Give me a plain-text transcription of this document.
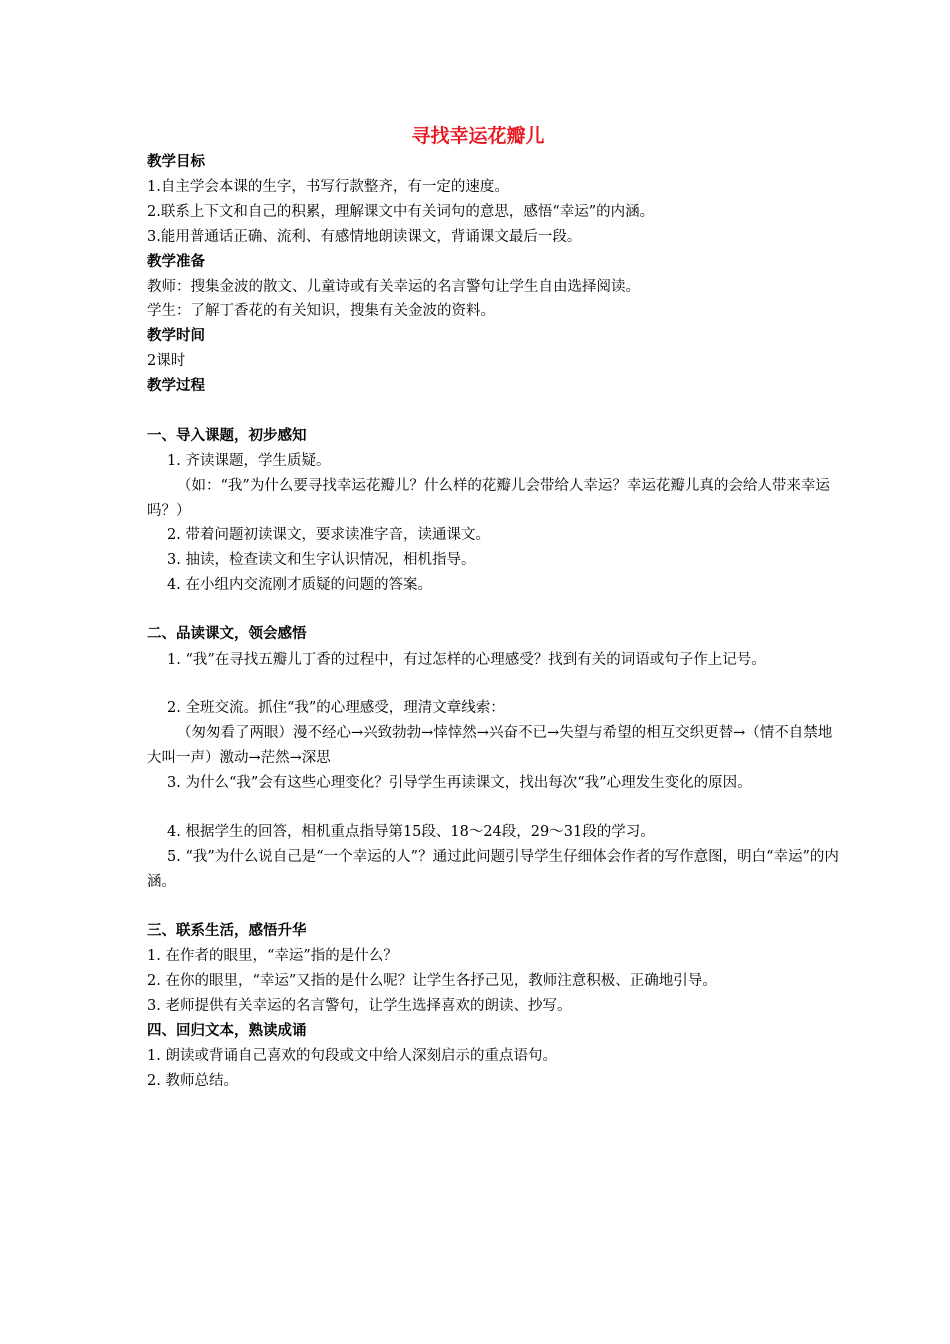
寻找幸运花瓣儿
教学目标
1.自主学会本课的生字，书写行款整齐，有一定的速度。
2.联系上下文和自己的积累，理解课文中有关词句的意思，感悟“幸运”的内涵。
3.能用普通话正确、流利、有感情地朗读课文，背诵课文最后一段。
教学准备
教师：搜集金波的散文、儿童诗或有关幸运的名言警句让学生自由选择阅读。
学生：了解丁香花的有关知识，搜集有关金波的资料。
教学时间
2课时
教学过程
一、导入课题，初步感知
1. 齐读课题，学生质疑。
（如：“我”为什么要寻找幸运花瓣儿？什么样的花瓣儿会带给人幸运？幸运花瓣儿真的会给人带来幸运吗？）
2. 带着问题初读课文，要求读准字音，读通课文。
3. 抽读，检查读文和生字认识情况，相机指导。
4. 在小组内交流刚才质疑的问题的答案。
二、品读课文，领会感悟
1. “我”在寻找五瓣儿丁香的过程中，有过怎样的心理感受？找到有关的词语或句子作上记号。
2. 全班交流。抓住“我”的心理感受，理清文章线索：
（匆匆看了两眼）漫不经心→兴致勃勃→悻悻然→兴奋不已→失望与希望的相互交织更替→（情不自禁地大叫一声）激动→茫然→深思
3. 为什么“我”会有这些心理变化？引导学生再读课文，找出每次“我”心理发生变化的原因。
4. 根据学生的回答，相机重点指导第15段、18～24段，29～31段的学习。
5. “我”为什么说自己是“一个幸运的人”？通过此问题引导学生仔细体会作者的写作意图，明白“幸运”的内涵。
三、联系生活，感悟升华
1. 在作者的眼里，“幸运”指的是什么？
2. 在你的眼里，“幸运”又指的是什么呢？让学生各抒己见，教师注意积极、正确地引导。
3. 老师提供有关幸运的名言警句，让学生选择喜欢的朗读、抄写。
四、回归文本，熟读成诵
1. 朗读或背诵自己喜欢的句段或文中给人深刻启示的重点语句。
2. 教师总结。
